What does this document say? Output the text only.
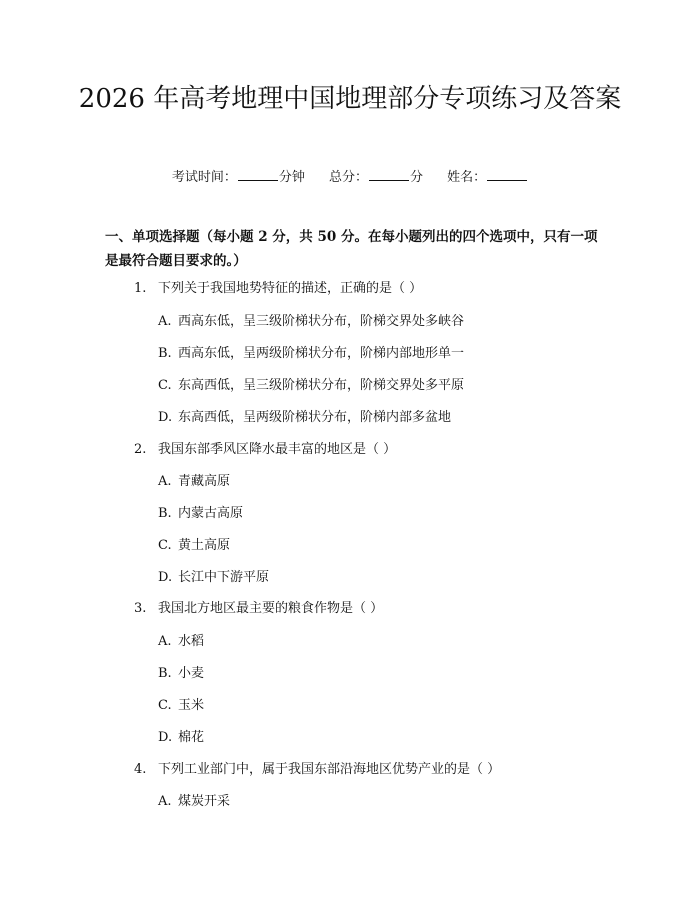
2026 年高考地理中国地理部分专项练习及答案
考试时间：	分钟 总分：	分 姓名：

一、单项选择题（每小题 2 分，共 50 分。在每小题列出的四个选项中，只有一项是最符合题目要求的。）

1. 下列关于我国地势特征的描述，正确的是（ ）
A. 西高东低，呈三级阶梯状分布，阶梯交界处多峡谷
B. 西高东低，呈两级阶梯状分布，阶梯内部地形单一
C. 东高西低，呈三级阶梯状分布，阶梯交界处多平原
D. 东高西低，呈两级阶梯状分布，阶梯内部多盆地
2. 我国东部季风区降水最丰富的地区是（ ）
A. 青藏高原
B. 内蒙古高原
C. 黄土高原
D. 长江中下游平原
3. 我国北方地区最主要的粮食作物是（ ）
A. 水稻
B. 小麦
C. 玉米
D. 棉花
4. 下列工业部门中，属于我国东部沿海地区优势产业的是（ ）
A. 煤炭开采
